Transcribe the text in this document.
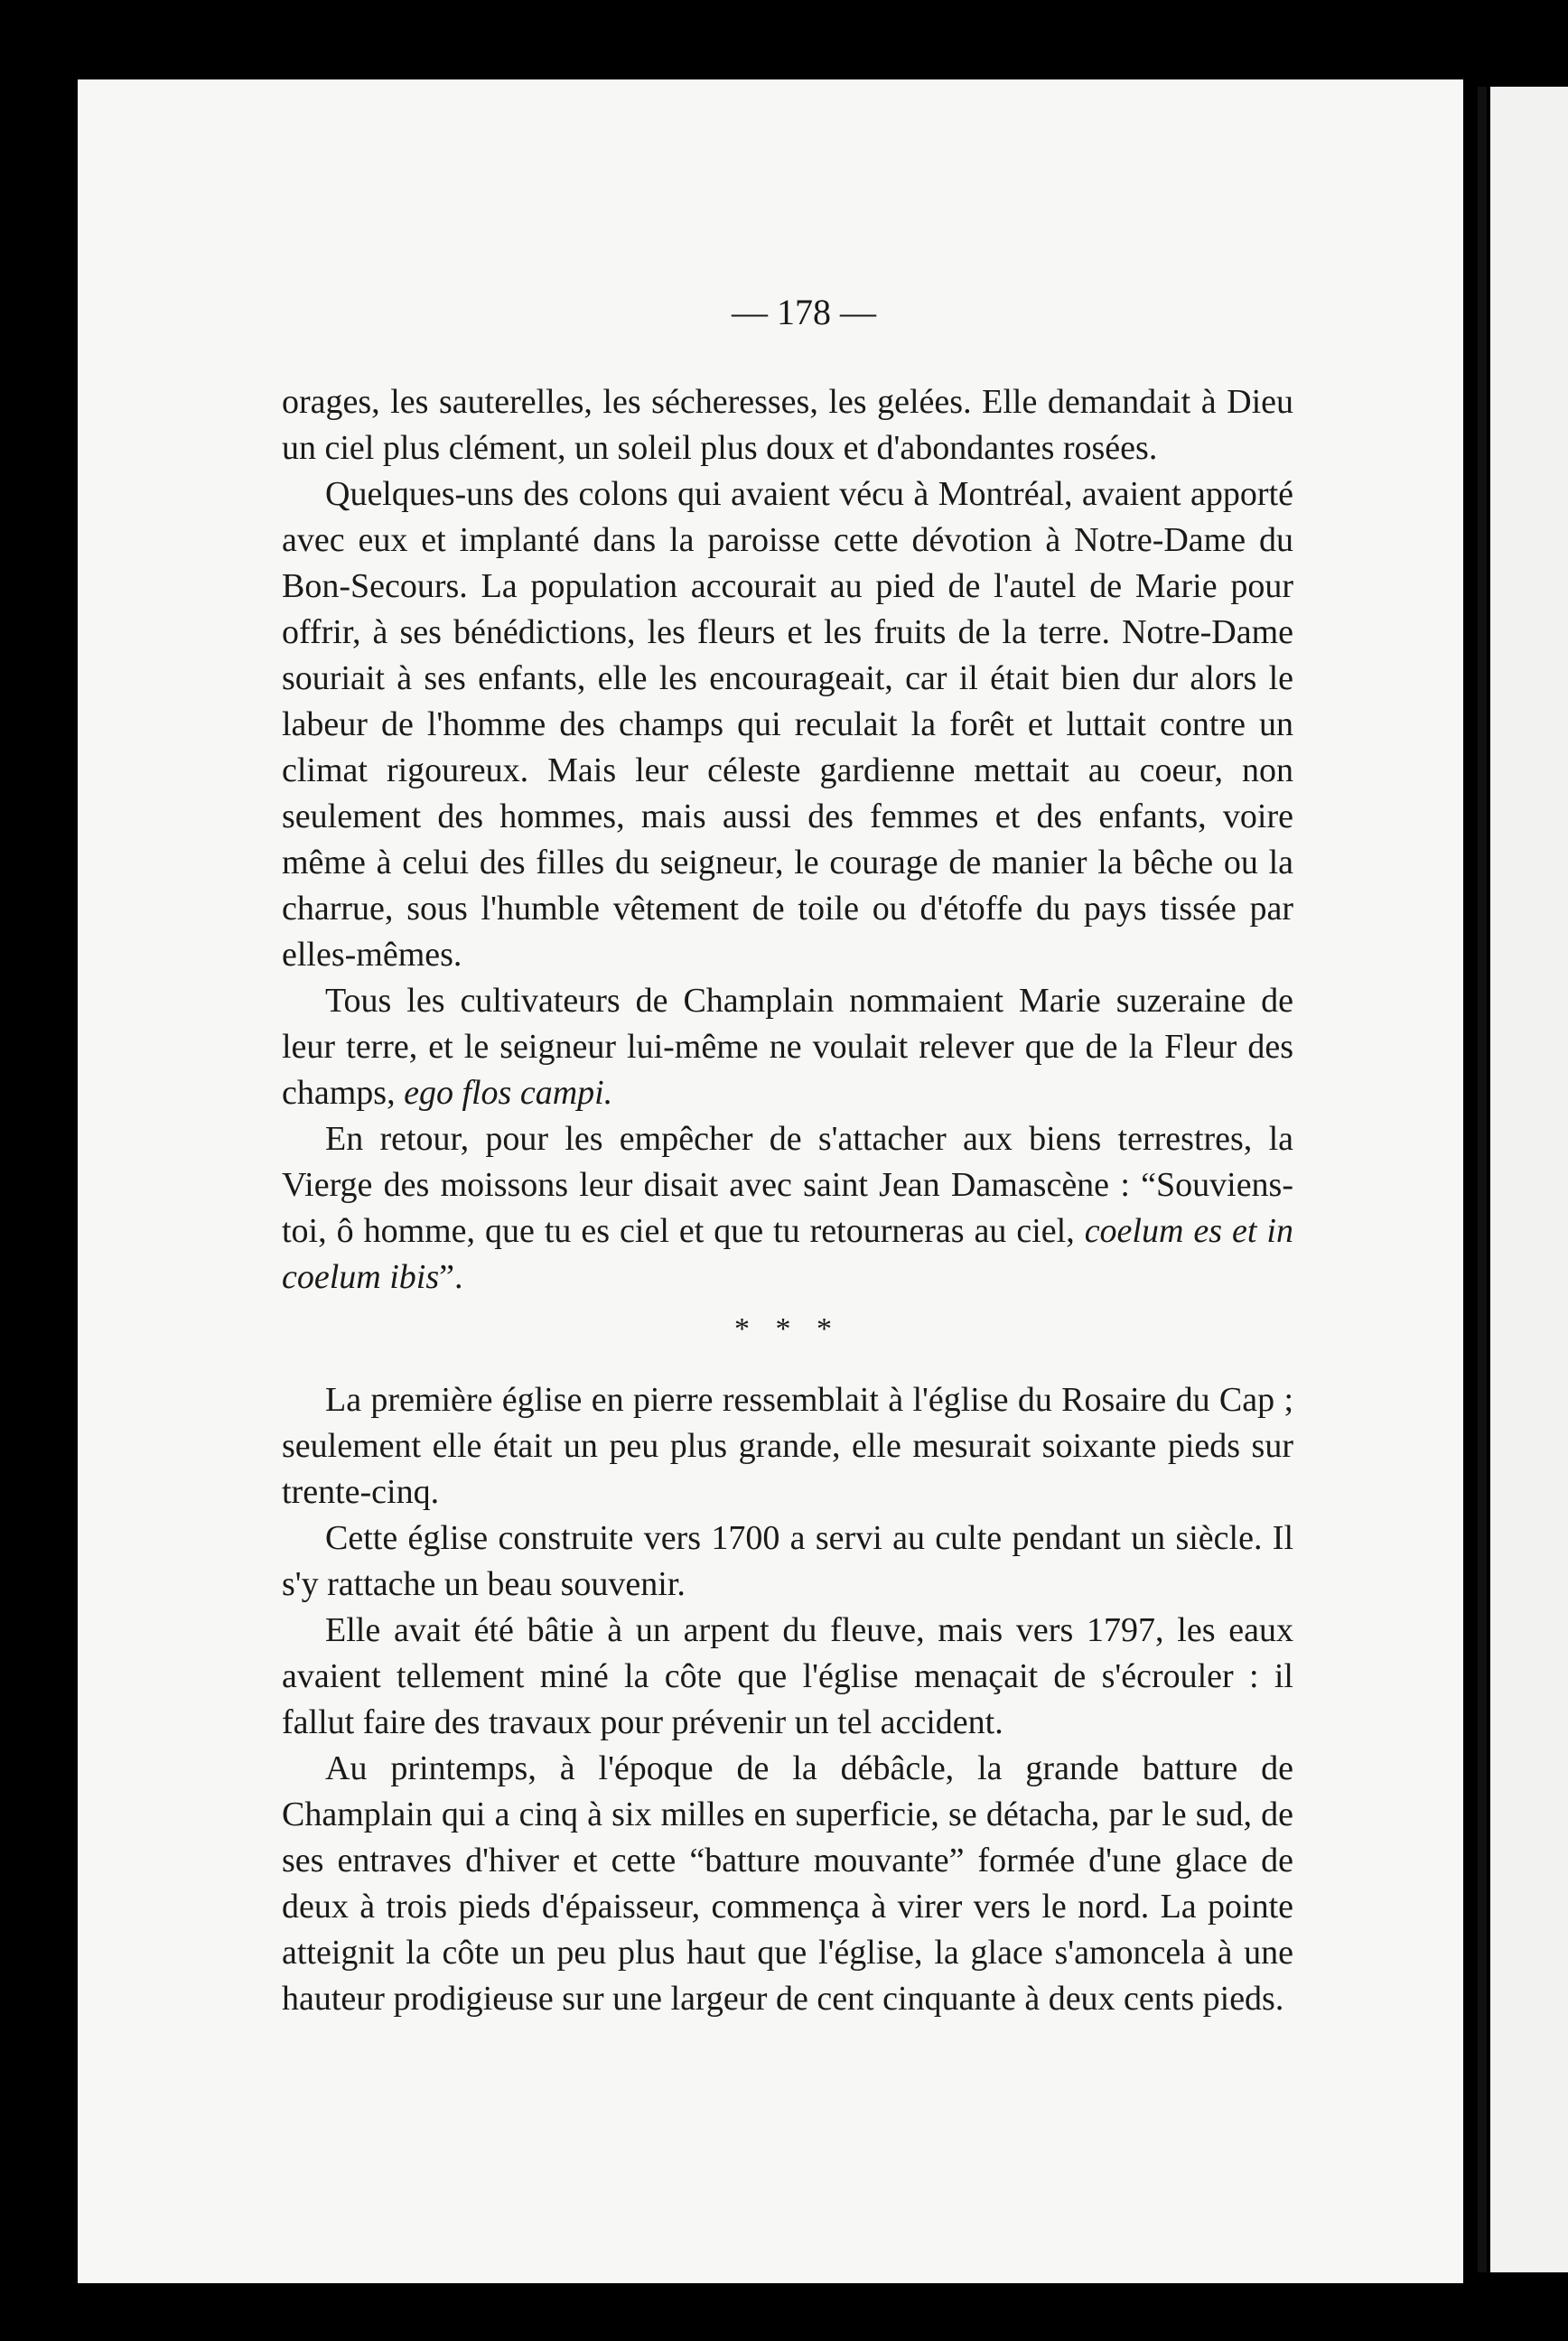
— 178 —

orages, les sauterelles, les sécheresses, les gelées. Elle demandait à Dieu un ciel plus clément, un soleil plus doux et d'abondantes rosées.

Quelques-uns des colons qui avaient vécu à Montréal, avaient apporté avec eux et implanté dans la paroisse cette dévotion à Notre-Dame du Bon-Secours. La population accourait au pied de l'autel de Marie pour offrir, à ses bénédictions, les fleurs et les fruits de la terre. Notre-Dame souriait à ses enfants, elle les encourageait, car il était bien dur alors le labeur de l'homme des champs qui reculait la forêt et luttait contre un climat rigoureux. Mais leur céleste gardienne mettait au coeur, non seulement des hommes, mais aussi des femmes et des enfants, voire même à celui des filles du seigneur, le courage de manier la bêche ou la charrue, sous l'humble vêtement de toile ou d'étoffe du pays tissée par elles-mêmes.

Tous les cultivateurs de Champlain nommaient Marie suzeraine de leur terre, et le seigneur lui-même ne voulait relever que de la Fleur des champs, ego flos campi.

En retour, pour les empêcher de s'attacher aux biens terrestres, la Vierge des moissons leur disait avec saint Jean Damascène : “Souviens-toi, ô homme, que tu es ciel et que tu retourneras au ciel, coelum es et in coelum ibis”.

* * *

La première église en pierre ressemblait à l'église du Rosaire du Cap ; seulement elle était un peu plus grande, elle mesurait soixante pieds sur trente-cinq.

Cette église construite vers 1700 a servi au culte pendant un siècle. Il s'y rattache un beau souvenir.

Elle avait été bâtie à un arpent du fleuve, mais vers 1797, les eaux avaient tellement miné la côte que l'église menaçait de s'écrouler : il fallut faire des travaux pour prévenir un tel accident.

Au printemps, à l'époque de la débâcle, la grande batture de Champlain qui a cinq à six milles en superficie, se détacha, par le sud, de ses entraves d'hiver et cette “batture mouvante” formée d'une glace de deux à trois pieds d'épaisseur, commença à virer vers le nord. La pointe atteignit la côte un peu plus haut que l'église, la glace s'amoncela à une hauteur prodigieuse sur une largeur de cent cinquante à deux cents pieds.
